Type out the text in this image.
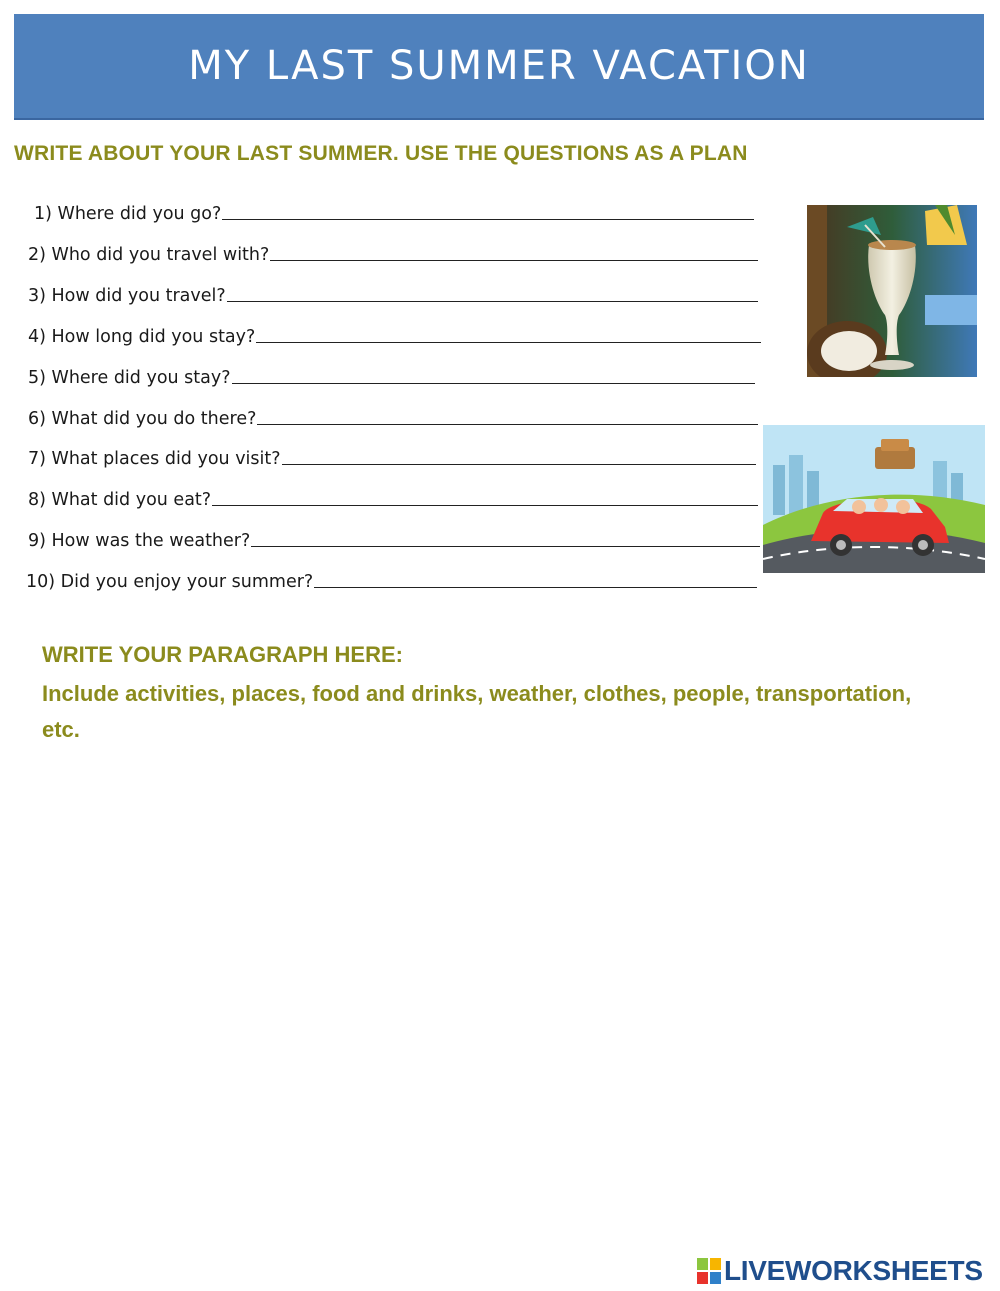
MY LAST SUMMER VACATION
WRITE ABOUT YOUR LAST SUMMER. USE THE QUESTIONS AS A PLAN
1) Where did you go?
2) Who did you travel with?
3) How did you travel?
4) How long did you stay?
5) Where did you stay?
6) What did you do there?
7) What places did you visit?
8) What did you eat?
9) How was the weather?
10) Did you enjoy your summer?
WRITE YOUR PARAGRAPH HERE:
Include activities, places, food and drinks, weather, clothes, people, transportation, etc.
LIVEWORKSHEETS
